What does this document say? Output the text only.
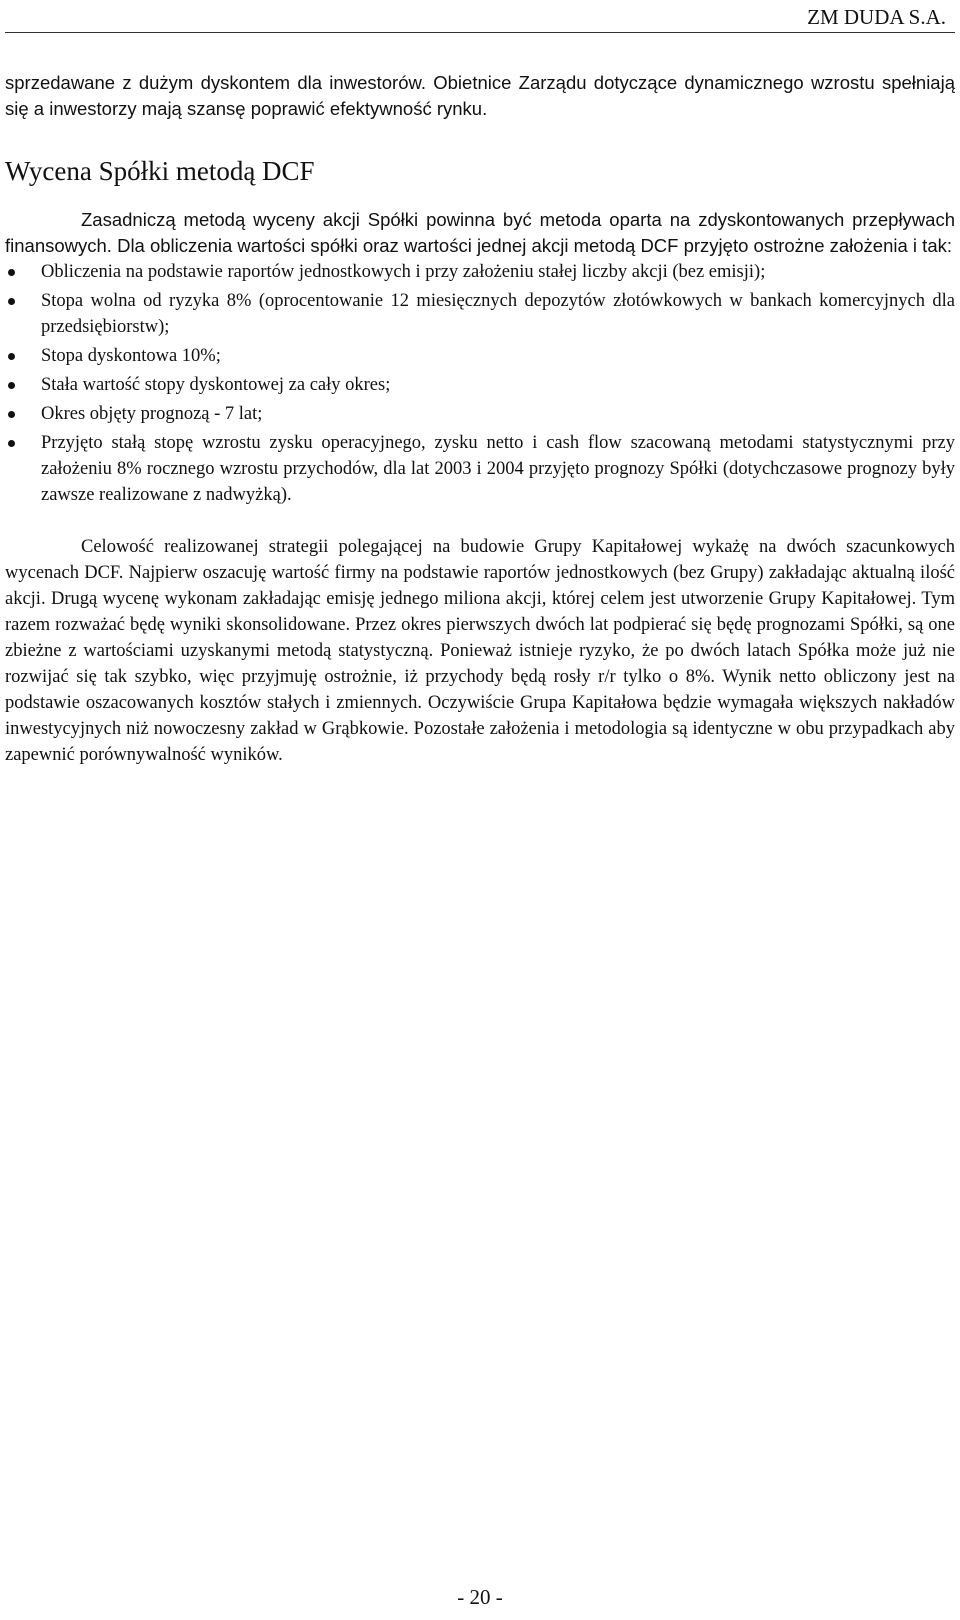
ZM DUDA S.A.

sprzedawane z dużym dyskontem dla inwestorów. Obietnice Zarządu dotyczące dynamicznego wzrostu spełniają się a inwestorzy mają szansę poprawić efektywność rynku.

Wycena Spółki metodą DCF

Zasadniczą metodą wyceny akcji Spółki powinna być metoda oparta na zdyskontowanych przepływach finansowych. Dla obliczenia wartości spółki oraz wartości jednej akcji metodą DCF przyjęto ostrożne założenia i tak:

Obliczenia na podstawie raportów jednostkowych i przy założeniu stałej liczby akcji (bez emisji);
Stopa wolna od ryzyka 8% (oprocentowanie 12 miesięcznych depozytów złotówkowych w bankach komercyjnych dla przedsiębiorstw);
Stopa dyskontowa 10%;
Stała wartość stopy dyskontowej za cały okres;
Okres objęty prognozą - 7 lat;
Przyjęto stałą stopę wzrostu zysku operacyjnego, zysku netto i cash flow szacowaną metodami statystycznymi przy założeniu 8% rocznego wzrostu przychodów, dla lat 2003 i 2004 przyjęto prognozy Spółki (dotychczasowe prognozy były zawsze realizowane z nadwyżką).

Celowość realizowanej strategii polegającej na budowie Grupy Kapitałowej wykażę na dwóch szacunkowych wycenach DCF. Najpierw oszacuję wartość firmy na podstawie raportów jednostkowych (bez Grupy) zakładając aktualną ilość akcji. Drugą wycenę wykonam zakładając emisję jednego miliona akcji, której celem jest utworzenie Grupy Kapitałowej. Tym razem rozważać będę wyniki skonsolidowane. Przez okres pierwszych dwóch lat podpierać się będę prognozami Spółki, są one zbieżne z wartościami uzyskanymi metodą statystyczną. Ponieważ istnieje ryzyko, że po dwóch latach Spółka może już nie rozwijać się tak szybko, więc przyjmuję ostrożnie, iż przychody będą rosły r/r tylko o 8%. Wynik netto obliczony jest na podstawie oszacowanych kosztów stałych i zmiennych. Oczywiście Grupa Kapitałowa będzie wymagała większych nakładów inwestycyjnych niż nowoczesny zakład w Grąbkowie. Pozostałe założenia i metodologia są identyczne w obu przypadkach aby zapewnić porównywalność wyników.

- 20 -
